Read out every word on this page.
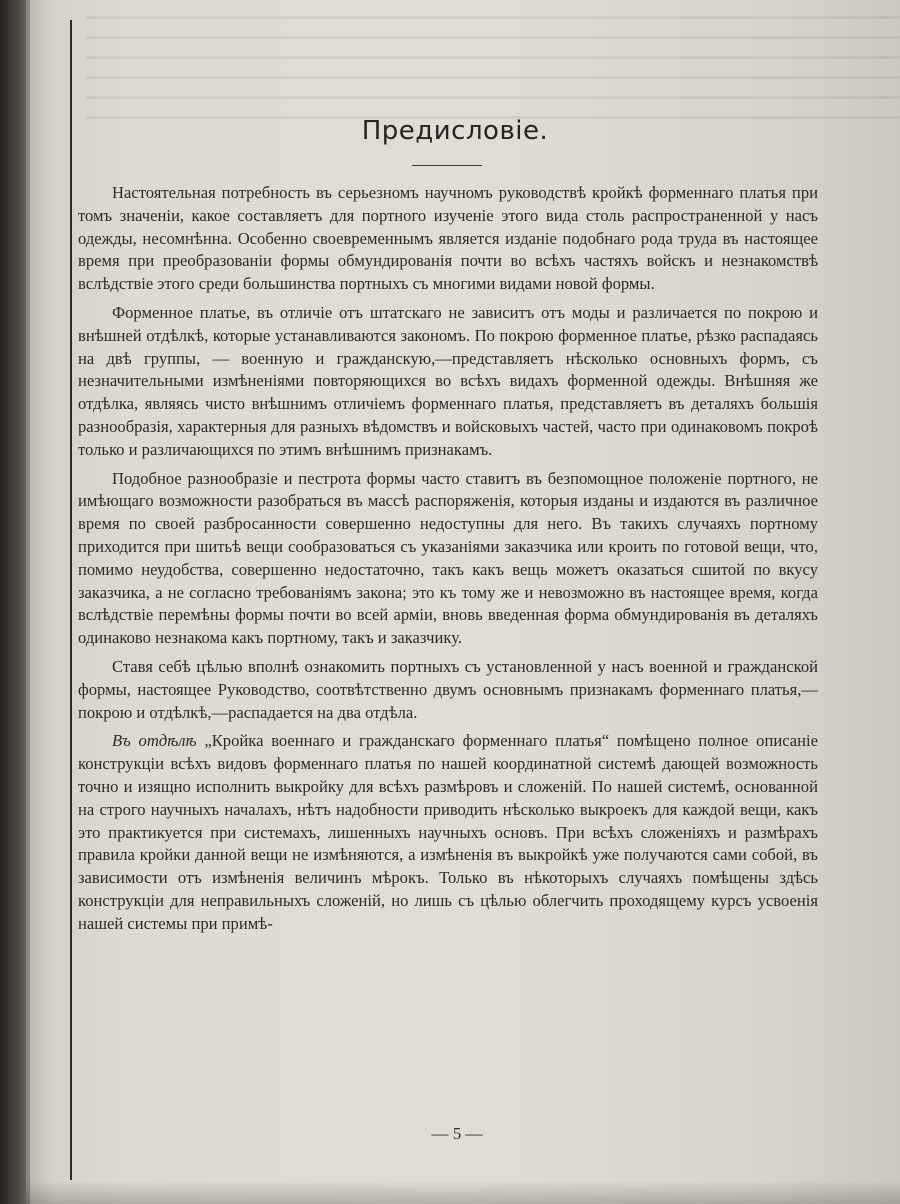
Предисловіе.

Настоятельная потребность въ серьезномъ научномъ руководствѣ кройкѣ форменнаго платья при томъ значеніи, какое составляетъ для портного изученіе этого вида столь распространенной у насъ одежды, несомнѣнна. Особенно своевременнымъ является изданіе подобнаго рода труда въ настоящее время при преобразованіи формы обмундированія почти во всѣхъ частяхъ войскъ и незнакомствѣ вслѣдствіе этого среди большинства портныхъ съ многими видами новой формы.

Форменное платье, въ отличіе отъ штатскаго не зависитъ отъ моды и различается по покрою и внѣшней отдѣлкѣ, которые устанавливаются закономъ. По покрою форменное платье, рѣзко распадаясь на двѣ группы, — военную и гражданскую,—представляетъ нѣсколько основныхъ формъ, съ незначительными измѣненіями повторяющихся во всѣхъ видахъ форменной одежды. Внѣшняя же отдѣлка, являясь чисто внѣшнимъ отличіемъ форменнаго платья, представляетъ въ деталяхъ большія разнообразія, характерныя для разныхъ вѣдомствъ и войсковыхъ частей, часто при одинаковомъ покроѣ только и различающихся по этимъ внѣшнимъ признакамъ.

Подобное разнообразіе и пестрота формы часто ставитъ въ безпомощное положеніе портного, не имѣющаго возможности разобраться въ массѣ распоряженія, которыя изданы и издаются въ различное время по своей разбросанности совершенно недоступны для него. Въ такихъ случаяхъ портному приходится при шитьѣ вещи сообразоваться съ указаніями заказчика или кроить по готовой вещи, что, помимо неудобства, совершенно недостаточно, такъ какъ вещь можетъ оказаться сшитой по вкусу заказчика, а не согласно требованіямъ закона; это къ тому же и невозможно въ настоящее время, когда вслѣдствіе перемѣны формы почти во всей арміи, вновь введенная форма обмундированія въ деталяхъ одинаково незнакома какъ портному, такъ и заказчику.

Ставя себѣ цѣлью вполнѣ ознакомить портныхъ съ установленной у насъ военной и гражданской формы, настоящее Руководство, соотвѣтственно двумъ основнымъ признакамъ форменнаго платья,—покрою и отдѣлкѣ,—распадается на два отдѣла.

Въ отдѣлѣ „Кройка военнаго и гражданскаго форменнаго платья“ помѣщено полное описаніе конструкціи всѣхъ видовъ форменнаго платья по нашей координатной системѣ дающей возможность точно и изящно исполнить выкройку для всѣхъ размѣровъ и сложеній. По нашей системѣ, основанной на строго научныхъ началахъ, нѣтъ надобности приводить нѣсколько выкроекъ для каждой вещи, какъ это практикуется при системахъ, лишенныхъ научныхъ основъ. При всѣхъ сложеніяхъ и размѣрахъ правила кройки данной вещи не измѣняются, а измѣненія въ выкройкѣ уже получаются сами собой, въ зависимости отъ измѣненія величинъ мѣрокъ. Только въ нѣкоторыхъ случаяхъ помѣщены здѣсь конструкціи для неправильныхъ сложеній, но лишь съ цѣлью облегчить проходящему курсъ усвоенія нашей системы при примѣ-

— 5 —
